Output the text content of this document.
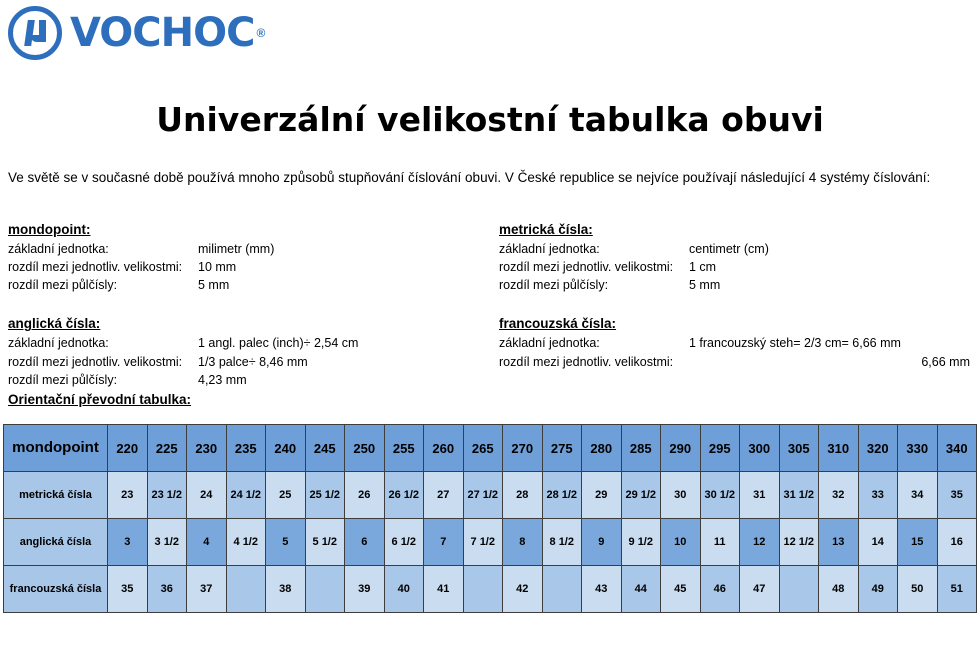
VOCHOC ®
Univerzální velikostní tabulka obuvi
Ve světě se v současné době používá mnoho způsobů stupňování číslování obuvi. V České republice se nejvíce používají následující 4 systémy číslování:
mondopoint:
základní jednotka:	milimetr (mm)
rozdíl mezi jednotliv. velikostmi:	10 mm
rozdíl mezi půlčísly:	5 mm
metrická čísla:
základní jednotka:	centimetr (cm)
rozdíl mezi jednotliv. velikostmi:	1 cm
rozdíl mezi půlčísly:	5 mm
anglická čísla:
základní jednotka:	1 angl. palec (inch)÷ 2,54 cm
rozdíl mezi jednotliv. velikostmi:	1/3 palce÷ 8,46 mm
rozdíl mezi půlčísly:	4,23 mm
francouzská čísla:
základní jednotka:	1 francouzský steh= 2/3 cm= 6,66 mm
rozdíl mezi jednotliv. velikostmi:	6,66 mm
Orientační převodní tabulka:
mondopoint	220	225	230	235	240	245	250	255	260	265	270	275	280	285	290	295	300	305	310	320	330	340
metrická čísla	23	23 1/2	24	24 1/2	25	25 1/2	26	26 1/2	27	27 1/2	28	28 1/2	29	29 1/2	30	30 1/2	31	31 1/2	32	33	34	35
anglická čísla	3	3 1/2	4	4 1/2	5	5 1/2	6	6 1/2	7	7 1/2	8	8 1/2	9	9 1/2	10	11	12	12 1/2	13	14	15	16
francouzská čísla	35	36	37		38		39	40	41		42		43	44	45	46	47		48	49	50	51
